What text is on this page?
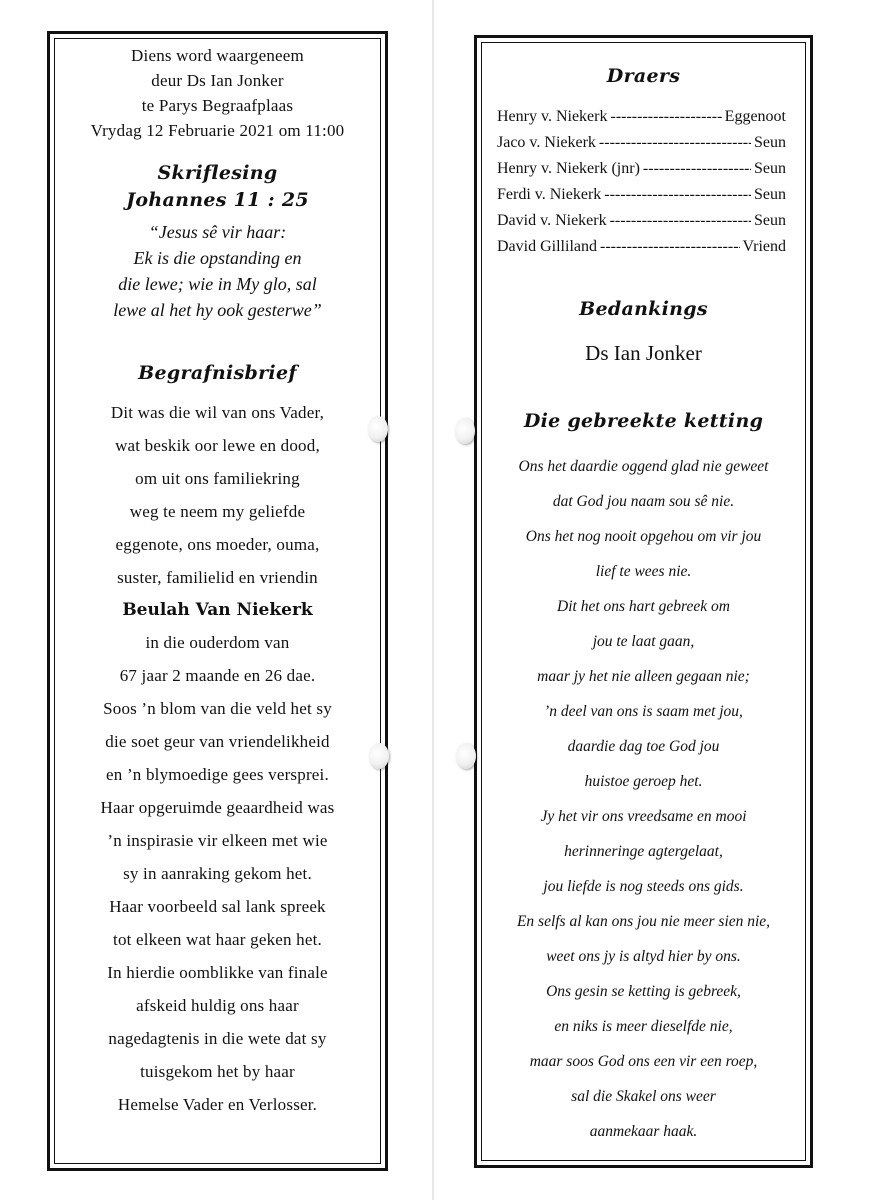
Diens word waargeneem
deur Ds Ian Jonker
te Parys Begraafplaas
Vrydag 12 Februarie 2021 om 11:00
Skriflesing
Johannes 11 : 25
“Jesus sê vir haar:
Ek is die opstanding en
die lewe; wie in My glo, sal
lewe al het hy ook gesterwe”
Begrafnisbrief
Dit was die wil van ons Vader,
wat beskik oor lewe en dood,
om uit ons familiekring
weg te neem my geliefde
eggenote, ons moeder, ouma,
suster, familielid en vriendin
Beulah Van Niekerk
in die ouderdom van
67 jaar 2 maande en 26 dae.
Soos ’n blom van die veld het sy
die soet geur van vriendelikheid
en ’n blymoedige gees versprei.
Haar opgeruimde geaardheid was
’n inspirasie vir elkeen met wie
sy in aanraking gekom het.
Haar voorbeeld sal lank spreek
tot elkeen wat haar geken het.
In hierdie oomblikke van finale
afskeid huldig ons haar
nagedagtenis in die wete dat sy
tuisgekom het by haar
Hemelse Vader en Verlosser.
Draers
Henry v. Niekerk -----	Eggenoot
Jaco v. Niekerk -----	Seun
Henry v. Niekerk (jnr) -----	Seun
Ferdi v. Niekerk -----	Seun
David v. Niekerk -----	Seun
David Gilliland -----	Vriend
Bedankings
Ds Ian Jonker
Die gebreekte ketting
Ons het daardie oggend glad nie geweet
dat God jou naam sou sê nie.
Ons het nog nooit opgehou om vir jou
lief te wees nie.
Dit het ons hart gebreek om
jou te laat gaan,
maar jy het nie alleen gegaan nie;
’n deel van ons is saam met jou,
daardie dag toe God jou
huistoe geroep het.
Jy het vir ons vreedsame en mooi
herinneringe agtergelaat,
jou liefde is nog steeds ons gids.
En selfs al kan ons jou nie meer sien nie,
weet ons jy is altyd hier by ons.
Ons gesin se ketting is gebreek,
en niks is meer dieselfde nie,
maar soos God ons een vir een roep,
sal die Skakel ons weer
aanmekaar haak.
